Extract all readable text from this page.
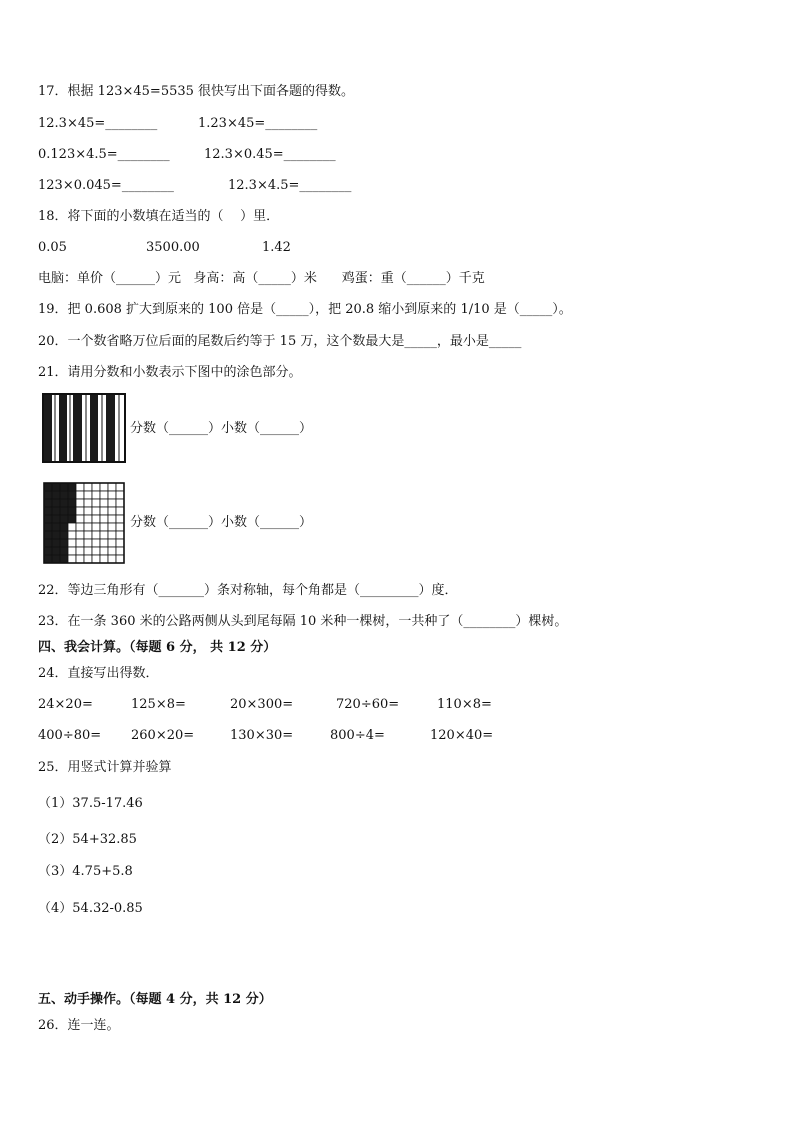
17．根据 123×45=5535 很快写出下面各题的得数。
12.3×45=________	1.23×45=________
0.123×4.5=________	12.3×0.45=________
123×0.045=________	12.3×4.5=________
18．将下面的小数填在适当的（    ）里．
0.05	3500.00	1.42
电脑：单价（______）元   身高：高（_____）米      鸡蛋：重（______）千克
19．把 0.608 扩大到原来的 100 倍是（_____），把 20.8 缩小到原来的 1/10 是（_____）。
20．一个数省略万位后面的尾数后约等于 15 万，这个数最大是_____，最小是_____
21．请用分数和小数表示下图中的涂色部分。
分数（______）小数（______）
分数（______）小数（______）
22．等边三角形有（_______）条对称轴，每个角都是（_________）度．
23．在一条 360 米的公路两侧从头到尾每隔 10 米种一棵树，一共种了（________）棵树。
四、我会计算。（每题 6 分， 共 12 分）
24．直接写出得数．
24×20=	125×8=	20×300=	720÷60=	110×8=
400÷80= 260×20=	130×30=	800÷4=	120×40=
25．用竖式计算并验算
（1）37.5-17.46
（2）54+32.85
（3）4.75+5.8
（4）54.32-0.85
五、动手操作。（每题 4 分，共 12 分）
26．连一连。
